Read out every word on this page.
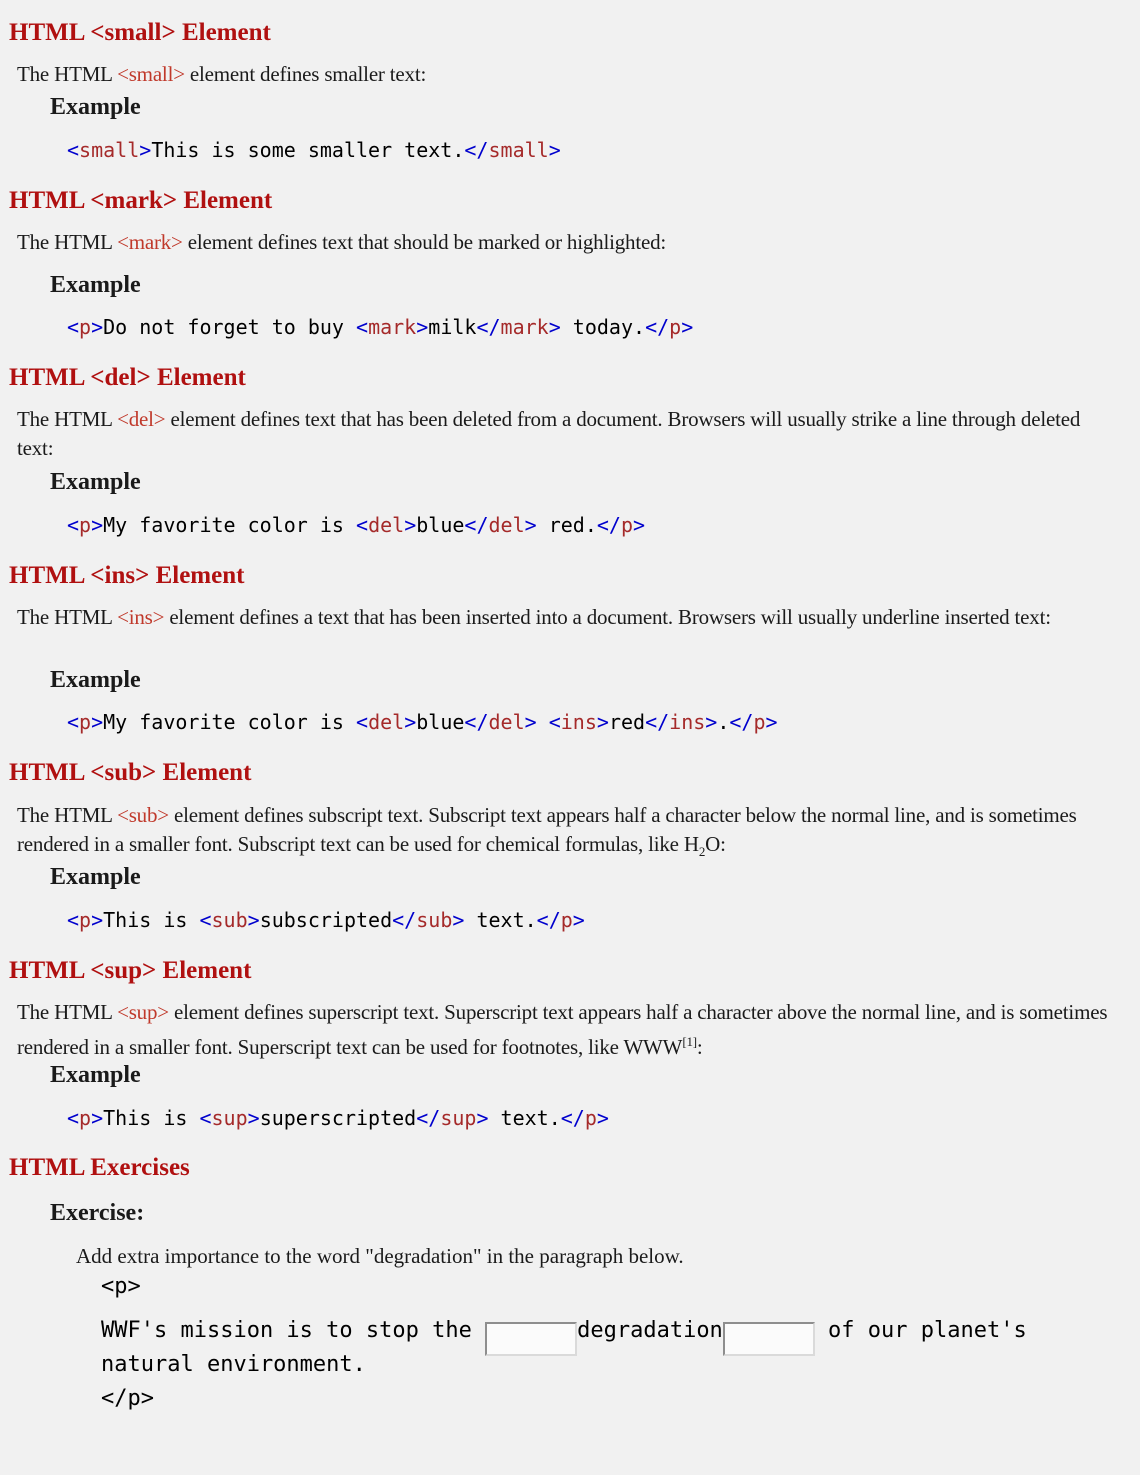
HTML <small> Element
The HTML <small> element defines smaller text:
Example
<small>This is some smaller text.</small>
HTML <mark> Element
The HTML <mark> element defines text that should be marked or highlighted:
Example
<p>Do not forget to buy <mark>milk</mark> today.</p>
HTML <del> Element
The HTML <del> element defines text that has been deleted from a document. Browsers will usually strike a line through deleted text:
Example
<p>My favorite color is <del>blue</del> red.</p>
HTML <ins> Element
The HTML <ins> element defines a text that has been inserted into a document. Browsers will usually underline inserted text:
Example
<p>My favorite color is <del>blue</del> <ins>red</ins>.</p>
HTML <sub> Element
The HTML <sub> element defines subscript text. Subscript text appears half a character below the normal line, and is sometimes rendered in a smaller font. Subscript text can be used for chemical formulas, like $H_2O$:
Example
<p>This is <sub>subscripted</sub> text.</p>
HTML <sup> Element
The HTML <sup> element defines superscript text. Superscript text appears half a character above the normal line, and is sometimes rendered in a smaller font. Superscript text can be used for footnotes, like WWW[1]:
Example
<p>This is <sup>superscripted</sup> text.</p>
HTML Exercises
Exercise:
Add extra importance to the word "degradation" in the paragraph below.
<p>
WWF's mission is to stop the	degradation	of our planet's
natural environment.
</p>
